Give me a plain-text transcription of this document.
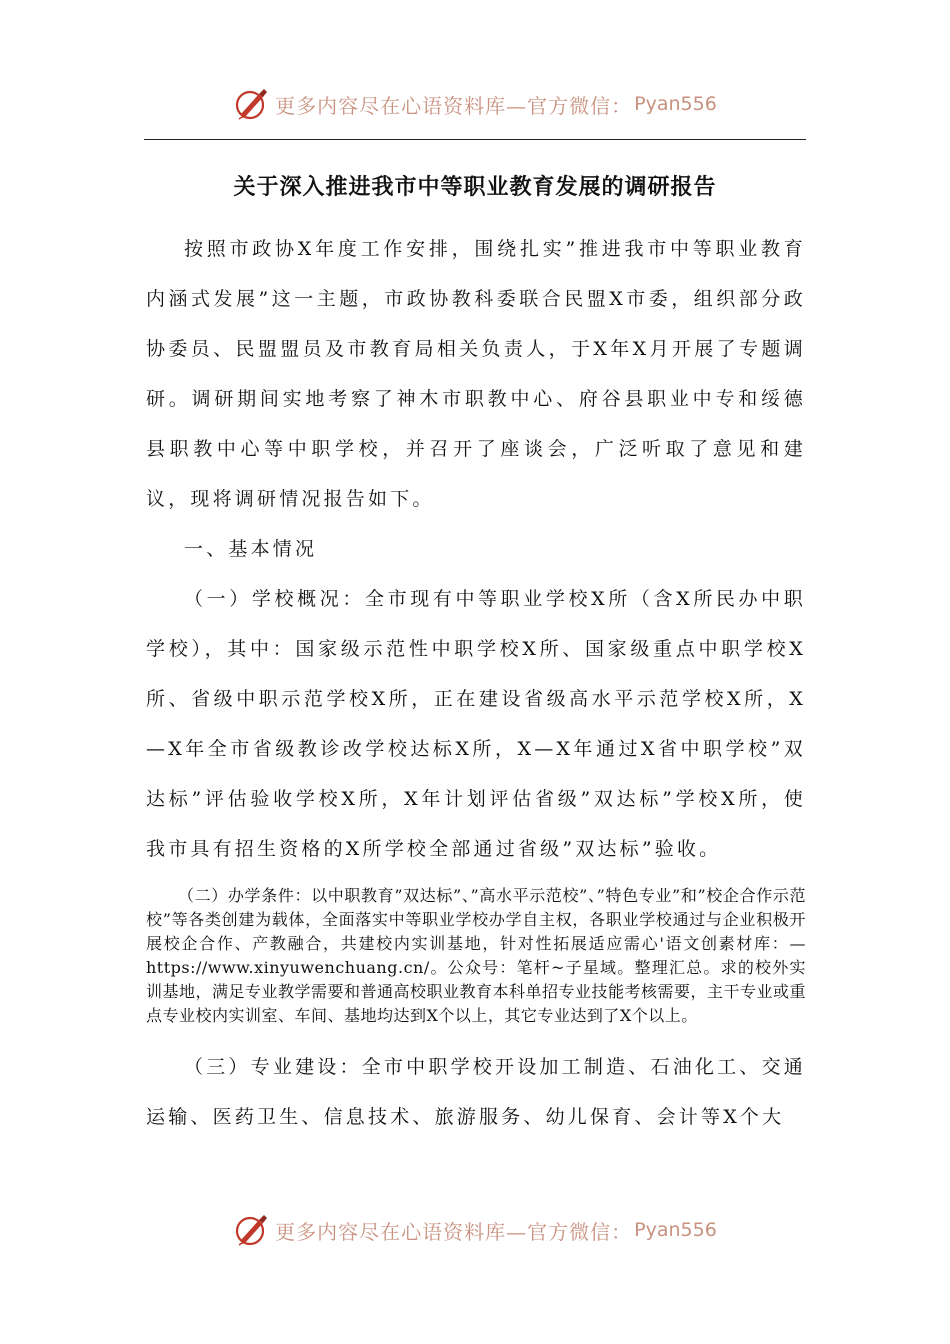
更多内容尽在心语资料库—官方微信： Pyan556
关于深入推进我市中等职业教育发展的调研报告

按照市政协X年度工作安排，围绕扎实”推进我市中等职业教育内涵式发展”这一主题，市政协教科委联合民盟X市委，组织部分政协委员、民盟盟员及市教育局相关负责人，于X年X月开展了专题调研。调研期间实地考察了神木市职教中心、府谷县职业中专和绥德县职教中心等中职学校，并召开了座谈会，广泛听取了意见和建议，现将调研情况报告如下。

一、基本情况

（一）学校概况：全市现有中等职业学校X所（含X所民办中职学校），其中：国家级示范性中职学校X所、国家级重点中职学校X所、省级中职示范学校X所，正在建设省级高水平示范学校X所，X—X年全市省级教诊改学校达标X所，X—X年通过X省中职学校”双达标”评估验收学校X所，X年计划评估省级”双达标”学校X所，使我市具有招生资格的X所学校全部通过省级”双达标”验收。

（二）办学条件：以中职教育”双达标”、”高水平示范校”、”特色专业”和”校企合作示范校”等各类创建为载体，全面落实中等职业学校办学自主权，各职业学校通过与企业积极开展校企合作、产教融合，共建校内实训基地，针对性拓展适应需心'语文创素材库：—https://www.xinyuwenchuang.cn/。公众号：笔杆~子星域。整理汇总。求的校外实训基地，满足专业教学需要和普通高校职业教育本科单招专业技能考核需要，主干专业或重点专业校内实训室、车间、基地均达到X个以上，其它专业达到了X个以上。

（三）专业建设：全市中职学校开设加工制造、石油化工、交通运输、医药卫生、信息技术、旅游服务、幼儿保育、会计等X个大

更多内容尽在心语资料库—官方微信： Pyan556
